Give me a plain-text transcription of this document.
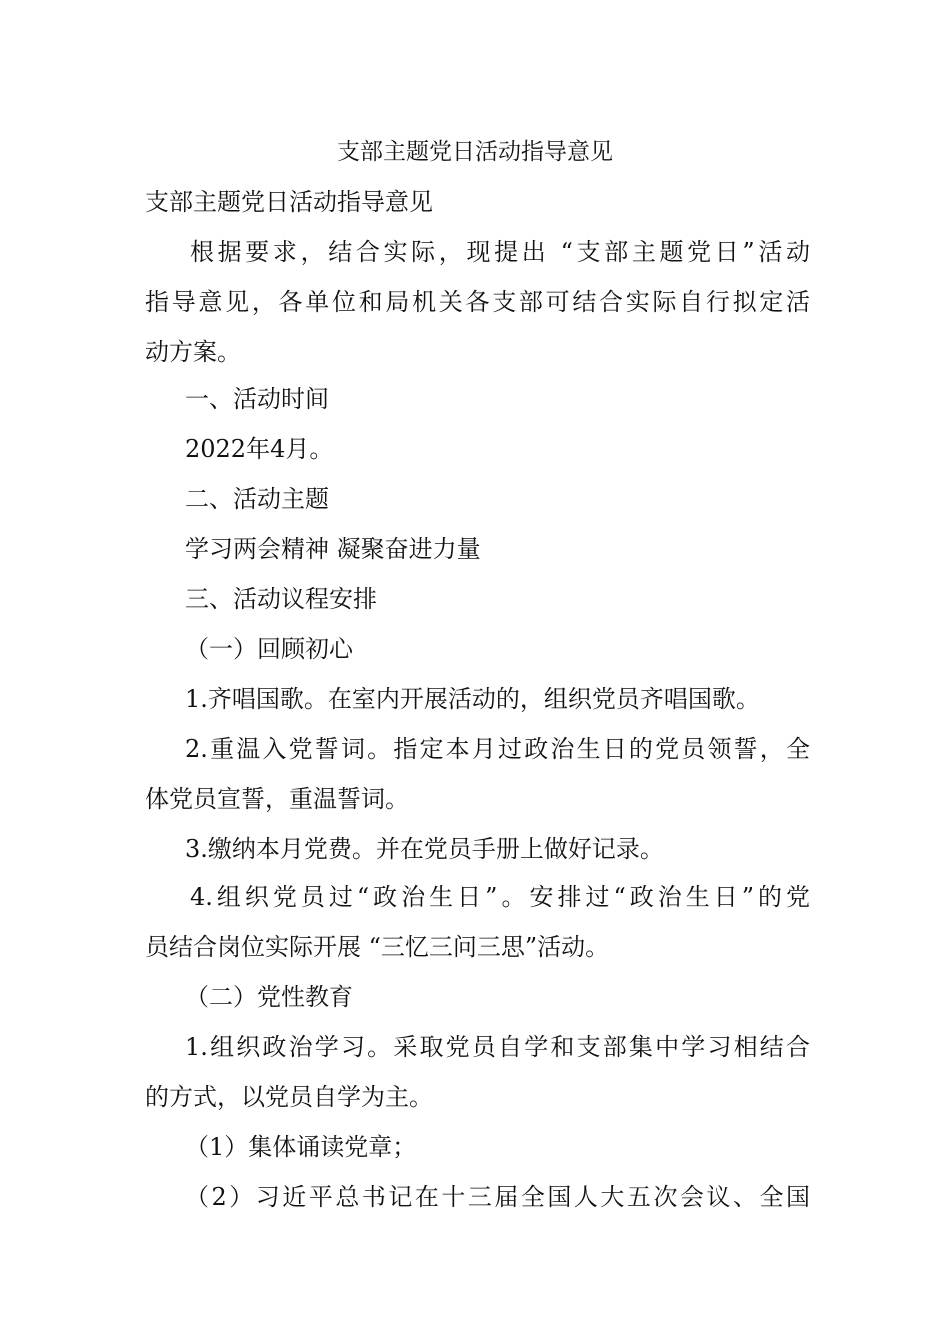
支部主题党日活动指导意见
支部主题党日活动指导意见
根据要求，结合实际，现提出 “支部主题党日”活动
指导意见，各单位和局机关各支部可结合实际自行拟定活
动方案。
一、活动时间
2022年4月。
二、活动主题
学习两会精神 凝聚奋进力量
三、活动议程安排
（一）回顾初心
1.齐唱国歌。在室内开展活动的，组织党员齐唱国歌。
2.重温入党誓词。指定本月过政治生日的党员领誓，全
体党员宣誓，重温誓词。
3.缴纳本月党费。并在党员手册上做好记录。
4.组织党员过“政治生日”。安排过“政治生日”的党
员结合岗位实际开展 “三忆三问三思”活动。
（二）党性教育
1.组织政治学习。采取党员自学和支部集中学习相结合
的方式，以党员自学为主。
（1）集体诵读党章；
（2）习近平总书记在十三届全国人大五次会议、全国
